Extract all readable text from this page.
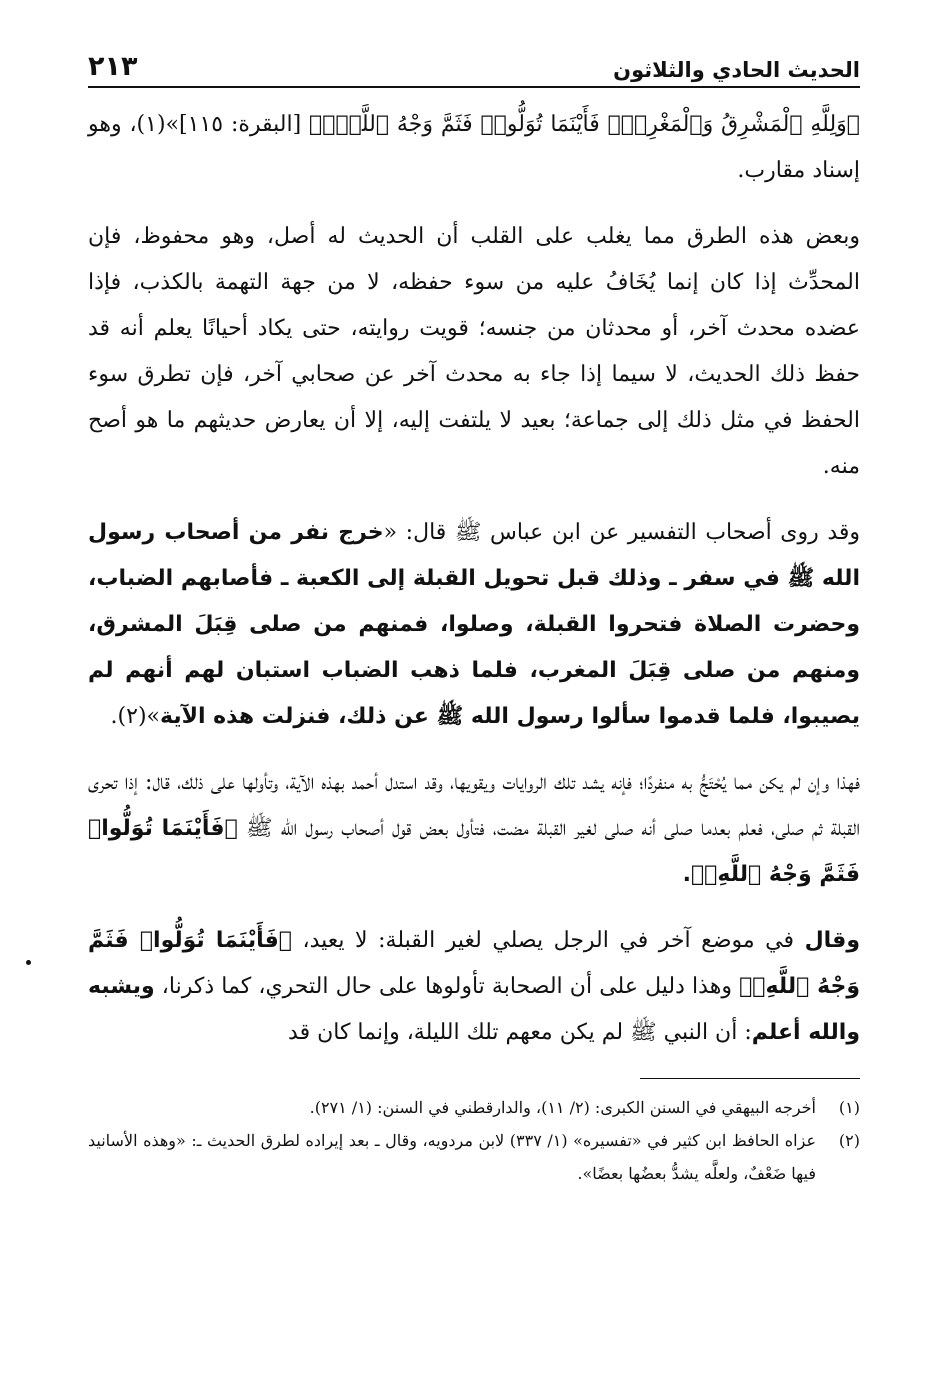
الحديث الحادي والثلاثون
٢١٣

﴿وَلِلَّهِ ٱلْمَشْرِقُ وَٱلْمَغْرِبُۚ فَأَيْنَمَا تُوَلُّوا۟ فَثَمَّ وَجْهُ ٱللَّهِۚ﴾ [البقرة: ١١٥]»(١)، وهو إسناد مقارب.

وبعض هذه الطرق مما يغلب على القلب أن الحديث له أصل، وهو محفوظ، فإن المحدِّث إذا كان إنما يُخَافُ عليه من سوء حفظه، لا من جهة التهمة بالكذب، فإذا عضده محدث آخر، أو محدثان من جنسه؛ قويت روايته، حتى يكاد أحيانًا يعلم أنه قد حفظ ذلك الحديث، لا سيما إذا جاء به محدث آخر عن صحابي آخر، فإن تطرق سوء الحفظ في مثل ذلك إلى جماعة؛ بعيد لا يلتفت إليه، إلا أن يعارض حديثهم ما هو أصح منه.

وقد روى أصحاب التفسير عن ابن عباس ﷺ قال: «خرج نفر من أصحاب رسول الله ﷺ في سفر ـ وذلك قبل تحويل القبلة إلى الكعبة ـ فأصابهم الضباب، وحضرت الصلاة فتحروا القبلة، وصلوا، فمنهم من صلى قِبَلَ المشرق، ومنهم من صلى قِبَلَ المغرب، فلما ذهب الضباب استبان لهم أنهم لم يصيبوا، فلما قدموا سألوا رسول الله ﷺ عن ذلك، فنزلت هذه الآية»(٢).

فهذا وإن لم يكن مما يُحْتَجُّ به منفردًا؛ فإنه يشد تلك الروايات ويقويها، وقد استدل أحمد بهذه الآية، وتأولها على ذلك، قال: إذا تحرى القبلة ثم صلى، فعلم بعدما صلى أنه صلى لغير القبلة مضت، فتأول بعض قول أصحاب رسول الله ﷺ ﴿فَأَيْنَمَا تُوَلُّوا۟ فَثَمَّ وَجْهُ ٱللَّهِۚ﴾.

وقال في موضع آخر في الرجل يصلي لغير القبلة: لا يعيد، ﴿فَأَيْنَمَا تُوَلُّوا۟ فَثَمَّ وَجْهُ ٱللَّهِۚ﴾ وهذا دليل على أن الصحابة تأولوها على حال التحري، كما ذكرنا، ويشبه والله أعلم: أن النبي ﷺ لم يكن معهم تلك الليلة، وإنما كان قد

(١)
أخرجه البيهقي في السنن الكبرى: (٢/ ١١)، والدارقطني في السنن: (١/ ٢٧١).
(٢)
عزاه الحافظ ابن كثير في «تفسيره» (١/ ٣٣٧) لابن مردويه، وقال ـ بعد إيراده لطرق الحديث ـ: «وهذه الأسانيد فيها ضَعْفٌ، ولعلَّه يشدُّ بعضُها بعضًا».
